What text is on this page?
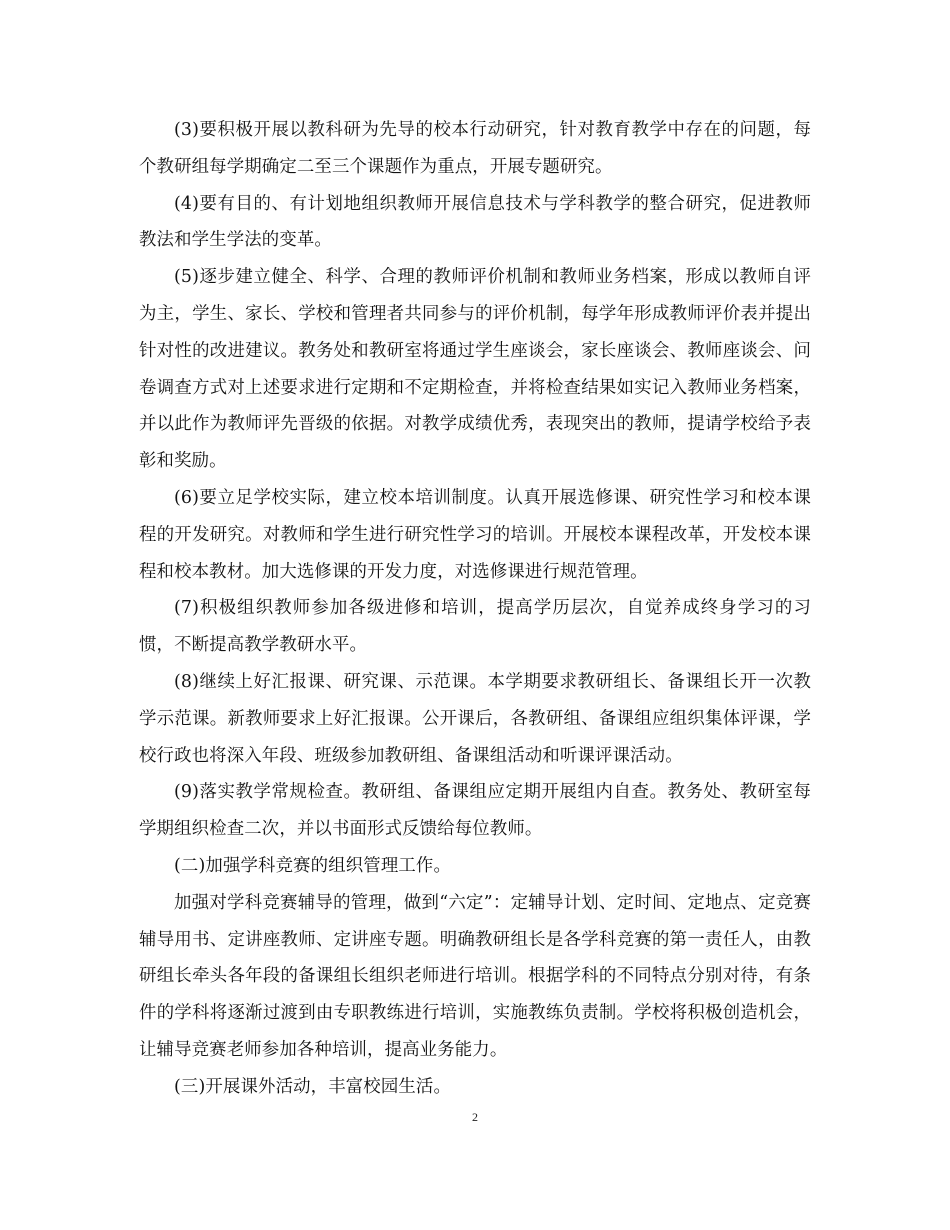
(3)要积极开展以教科研为先导的校本行动研究，针对教育教学中存在的问题，每个教研组每学期确定二至三个课题作为重点，开展专题研究。

(4)要有目的、有计划地组织教师开展信息技术与学科教学的整合研究，促进教师教法和学生学法的变革。

(5)逐步建立健全、科学、合理的教师评价机制和教师业务档案，形成以教师自评为主，学生、家长、学校和管理者共同参与的评价机制，每学年形成教师评价表并提出针对性的改进建议。教务处和教研室将通过学生座谈会，家长座谈会、教师座谈会、问卷调查方式对上述要求进行定期和不定期检查，并将检查结果如实记入教师业务档案，并以此作为教师评先晋级的依据。对教学成绩优秀，表现突出的教师，提请学校给予表彰和奖励。

(6)要立足学校实际，建立校本培训制度。认真开展选修课、研究性学习和校本课程的开发研究。对教师和学生进行研究性学习的培训。开展校本课程改革，开发校本课程和校本教材。加大选修课的开发力度，对选修课进行规范管理。

(7)积极组织教师参加各级进修和培训，提高学历层次，自觉养成终身学习的习惯，不断提高教学教研水平。

(8)继续上好汇报课、研究课、示范课。本学期要求教研组长、备课组长开一次教学示范课。新教师要求上好汇报课。公开课后，各教研组、备课组应组织集体评课，学校行政也将深入年段、班级参加教研组、备课组活动和听课评课活动。

(9)落实教学常规检查。教研组、备课组应定期开展组内自查。教务处、教研室每学期组织检查二次，并以书面形式反馈给每位教师。

(二)加强学科竞赛的组织管理工作。

加强对学科竞赛辅导的管理，做到“六定”：定辅导计划、定时间、定地点、定竞赛辅导用书、定讲座教师、定讲座专题。明确教研组长是各学科竞赛的第一责任人，由教研组长牵头各年段的备课组长组织老师进行培训。根据学科的不同特点分别对待，有条件的学科将逐渐过渡到由专职教练进行培训，实施教练负责制。学校将积极创造机会，让辅导竞赛老师参加各种培训，提高业务能力。

(三)开展课外活动，丰富校园生活。

2
